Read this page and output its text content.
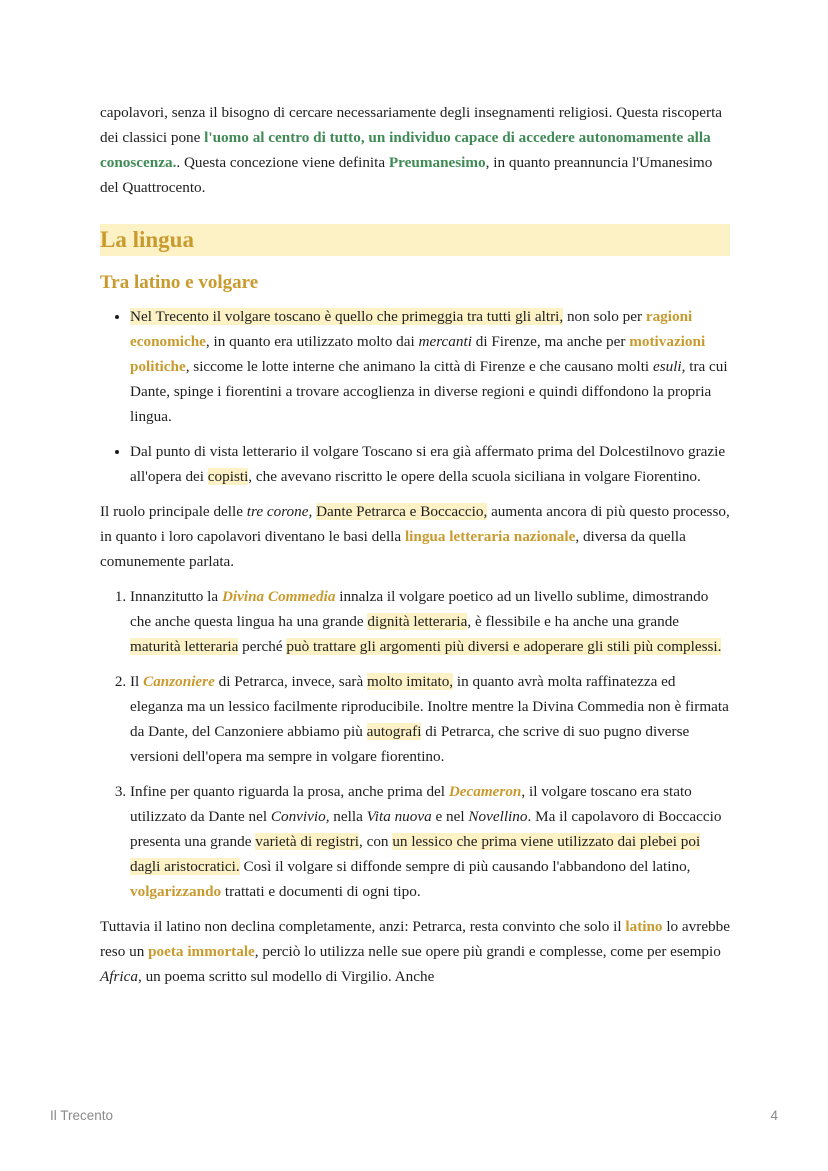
capolavori, senza il bisogno di cercare necessariamente degli insegnamenti religiosi. Questa riscoperta dei classici pone l'uomo al centro di tutto, un individuo capace di accedere autonomamente alla conoscenza.. Questa concezione viene definita Preumanesimo, in quanto preannuncia l'Umanesimo del Quattrocento.

La lingua
Tra latino e volgare
• Nel Trecento il volgare toscano è quello che primeggia tra tutti gli altri, non solo per ragioni economiche, in quanto era utilizzato molto dai mercanti di Firenze, ma anche per motivazioni politiche, siccome le lotte interne che animano la città di Firenze e che causano molti esuli, tra cui Dante, spinge i fiorentini a trovare accoglienza in diverse regioni e quindi diffondono la propria lingua.
• Dal punto di vista letterario il volgare Toscano si era già affermato prima del Dolcestilnovo grazie all'opera dei copisti, che avevano riscritto le opere della scuola siciliana in volgare Fiorentino.

Il ruolo principale delle tre corone, Dante Petrarca e Boccaccio, aumenta ancora di più questo processo, in quanto i loro capolavori diventano le basi della lingua letteraria nazionale, diversa da quella comunemente parlata.

1. Innanzitutto la Divina Commedia innalza il volgare poetico ad un livello sublime, dimostrando che anche questa lingua ha una grande dignità letteraria, è flessibile e ha anche una grande maturità letteraria perché può trattare gli argomenti più diversi e adoperare gli stili più complessi.
2. Il Canzoniere di Petrarca, invece, sarà molto imitato, in quanto avrà molta raffinatezza ed eleganza ma un lessico facilmente riproducibile. Inoltre mentre la Divina Commedia non è firmata da Dante, del Canzoniere abbiamo più autografi di Petrarca, che scrive di suo pugno diverse versioni dell'opera ma sempre in volgare fiorentino.
3. Infine per quanto riguarda la prosa, anche prima del Decameron, il volgare toscano era stato utilizzato da Dante nel Convivio, nella Vita nuova e nel Novellino. Ma il capolavoro di Boccaccio presenta una grande varietà di registri, con un lessico che prima viene utilizzato dai plebei poi dagli aristocratici. Così il volgare si diffonde sempre di più causando l'abbandono del latino, volgarizzando trattati e documenti di ogni tipo.

Tuttavia il latino non declina completamente, anzi: Petrarca, resta convinto che solo il latino lo avrebbe reso un poeta immortale, perciò lo utilizza nelle sue opere più grandi e complesse, come per esempio Africa, un poema scritto sul modello di Virgilio. Anche

Il Trecento	4
